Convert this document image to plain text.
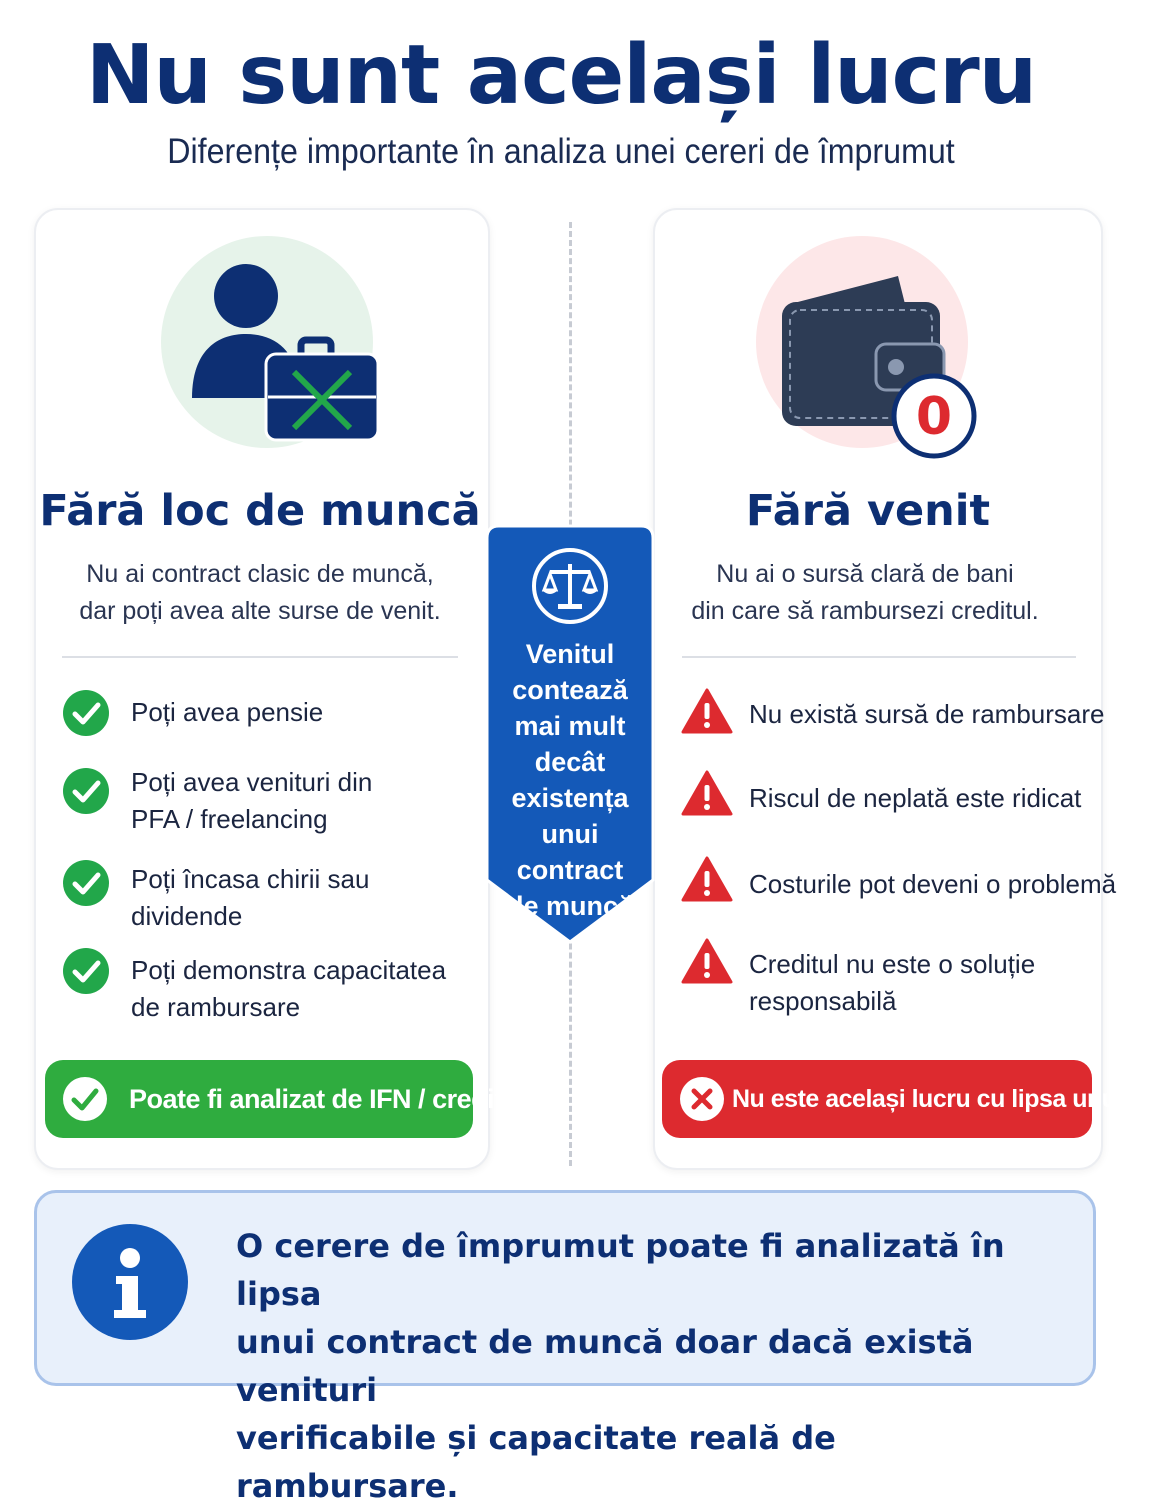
Nu sunt același lucru
Diferențe importante în analiza unei cereri de împrumut
0
Fără loc de muncă	Fără venit
Nu ai contract clasic de muncă,
dar poți avea alte surse de venit.
Nu ai o sursă clară de bani
din care să rambursezi creditul.
Poți avea pensie
Poți avea venituri din
PFA / freelancing
Poți încasa chirii sau
dividende
Poți demonstra capacitatea
de rambursare
Nu există sursă de rambursare
Riscul de neplată este ridicat
Costurile pot deveni o problemă
Creditul nu este o soluție
responsabilă
Poate fi analizat de IFN / creditor	Nu este același lucru cu lipsa unui job
Venitul
contează
mai mult
decât
existența
unui contract
de muncă
O cerere de împrumut poate fi analizată în lipsa
unui contract de muncă doar dacă există venituri
verificabile și capacitate reală de rambursare.
